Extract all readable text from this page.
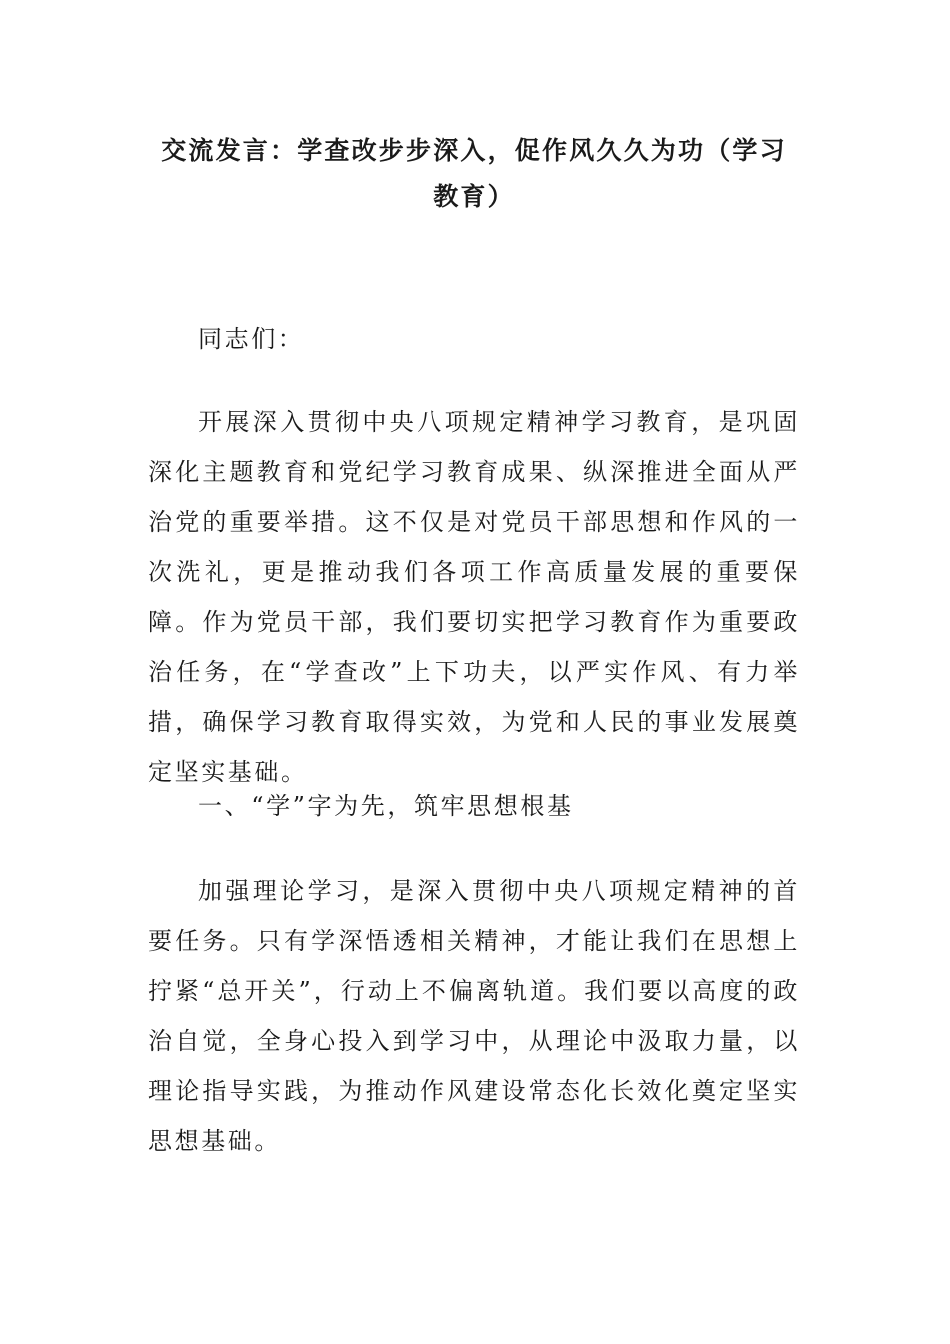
交流发言：学查改步步深入，促作风久久为功（学习教育）

同志们：

开展深入贯彻中央八项规定精神学习教育，是巩固深化主题教育和党纪学习教育成果、纵深推进全面从严治党的重要举措。这不仅是对党员干部思想和作风的一次洗礼，更是推动我们各项工作高质量发展的重要保障。作为党员干部，我们要切实把学习教育作为重要政治任务，在“学查改”上下功夫，以严实作风、有力举措，确保学习教育取得实效，为党和人民的事业发展奠定坚实基础。

一、“学”字为先，筑牢思想根基

加强理论学习，是深入贯彻中央八项规定精神的首要任务。只有学深悟透相关精神，才能让我们在思想上拧紧“总开关”，行动上不偏离轨道。我们要以高度的政治自觉，全身心投入到学习中，从理论中汲取力量，以理论指导实践，为推动作风建设常态化长效化奠定坚实思想基础。
